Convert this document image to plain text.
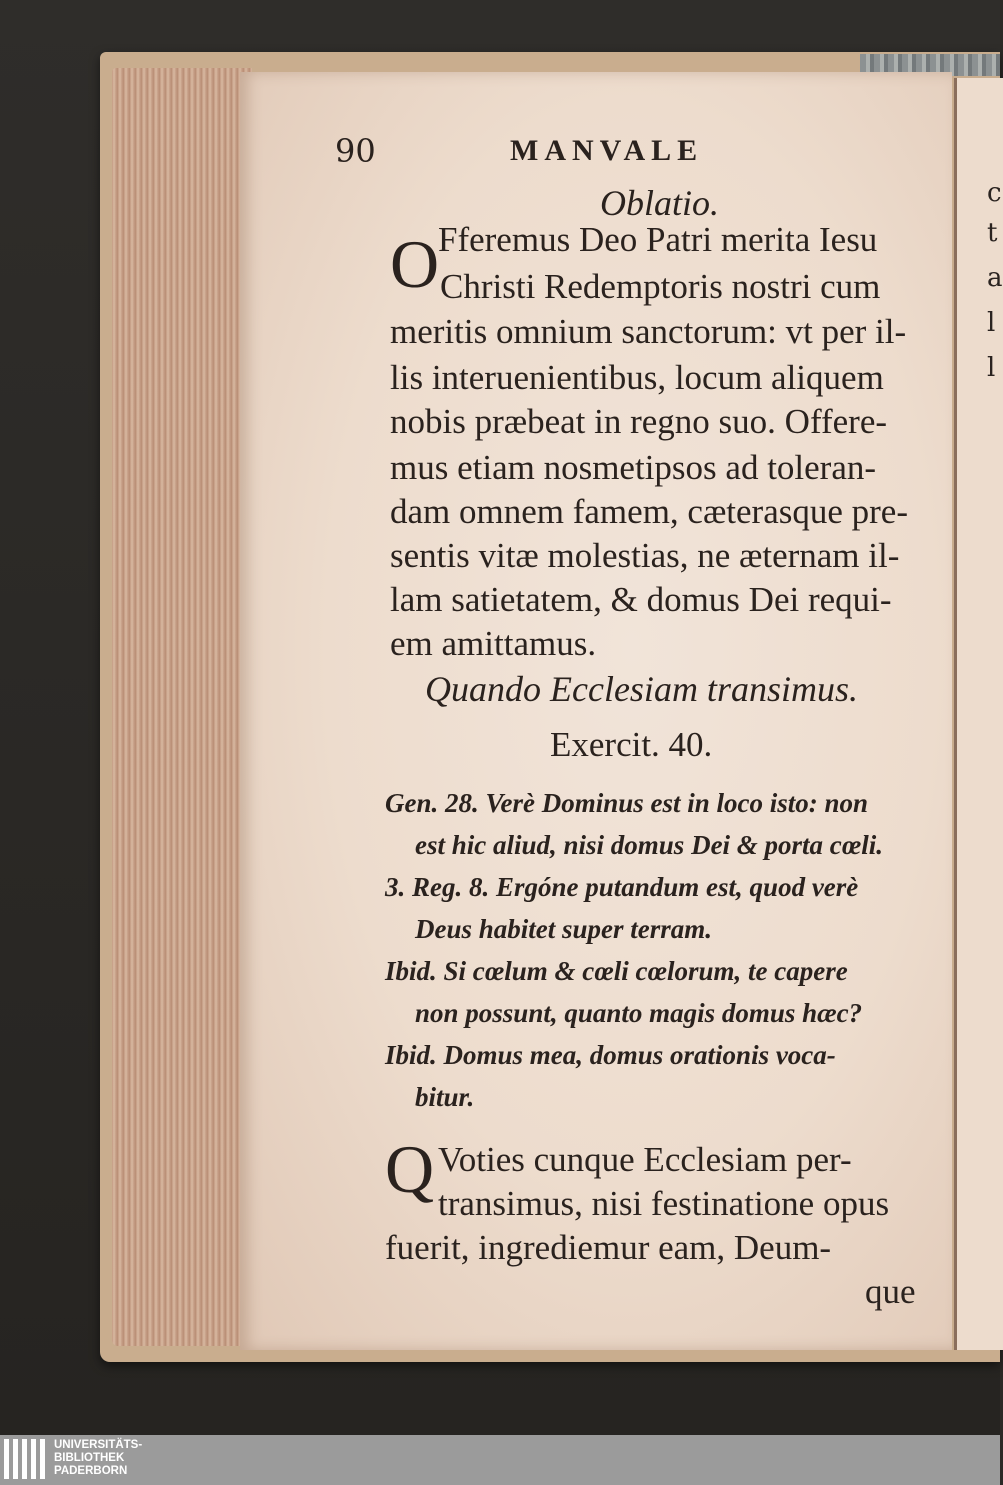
c
t
a
l
l
90	MANVALE
Oblatio.
O
Fferemus Deo Patri merita Iesu
Christi Redemptoris nostri cum
meritis omnium sanctorum: vt per il-
lis interuenientibus, locum aliquem
nobis præbeat in regno suo. Offere-
mus etiam nosmetipsos ad toleran-
dam omnem famem, cæterasque pre-
sentis vitæ molestias, ne æternam il-
lam satietatem, & domus Dei requi-
em amittamus.
Quando Ecclesiam transimus.
Exercit. 40.
Gen. 28. Verè Dominus est in loco isto: non
est hic aliud, nisi domus Dei & porta cœli.
3. Reg. 8. Ergóne putandum est, quod verè
Deus habitet super terram.
Ibid. Si cœlum & cœli cœlorum, te capere
non possunt, quanto magis domus hæc?
Ibid. Domus mea, domus orationis voca-
bitur.
Q Voties cunque Ecclesiam per-
transimus, nisi festinatione opus
fuerit, ingrediemur eam, Deum-
que
UNIVERSITÄTS-
BIBLIOTHEK
PADERBORN
